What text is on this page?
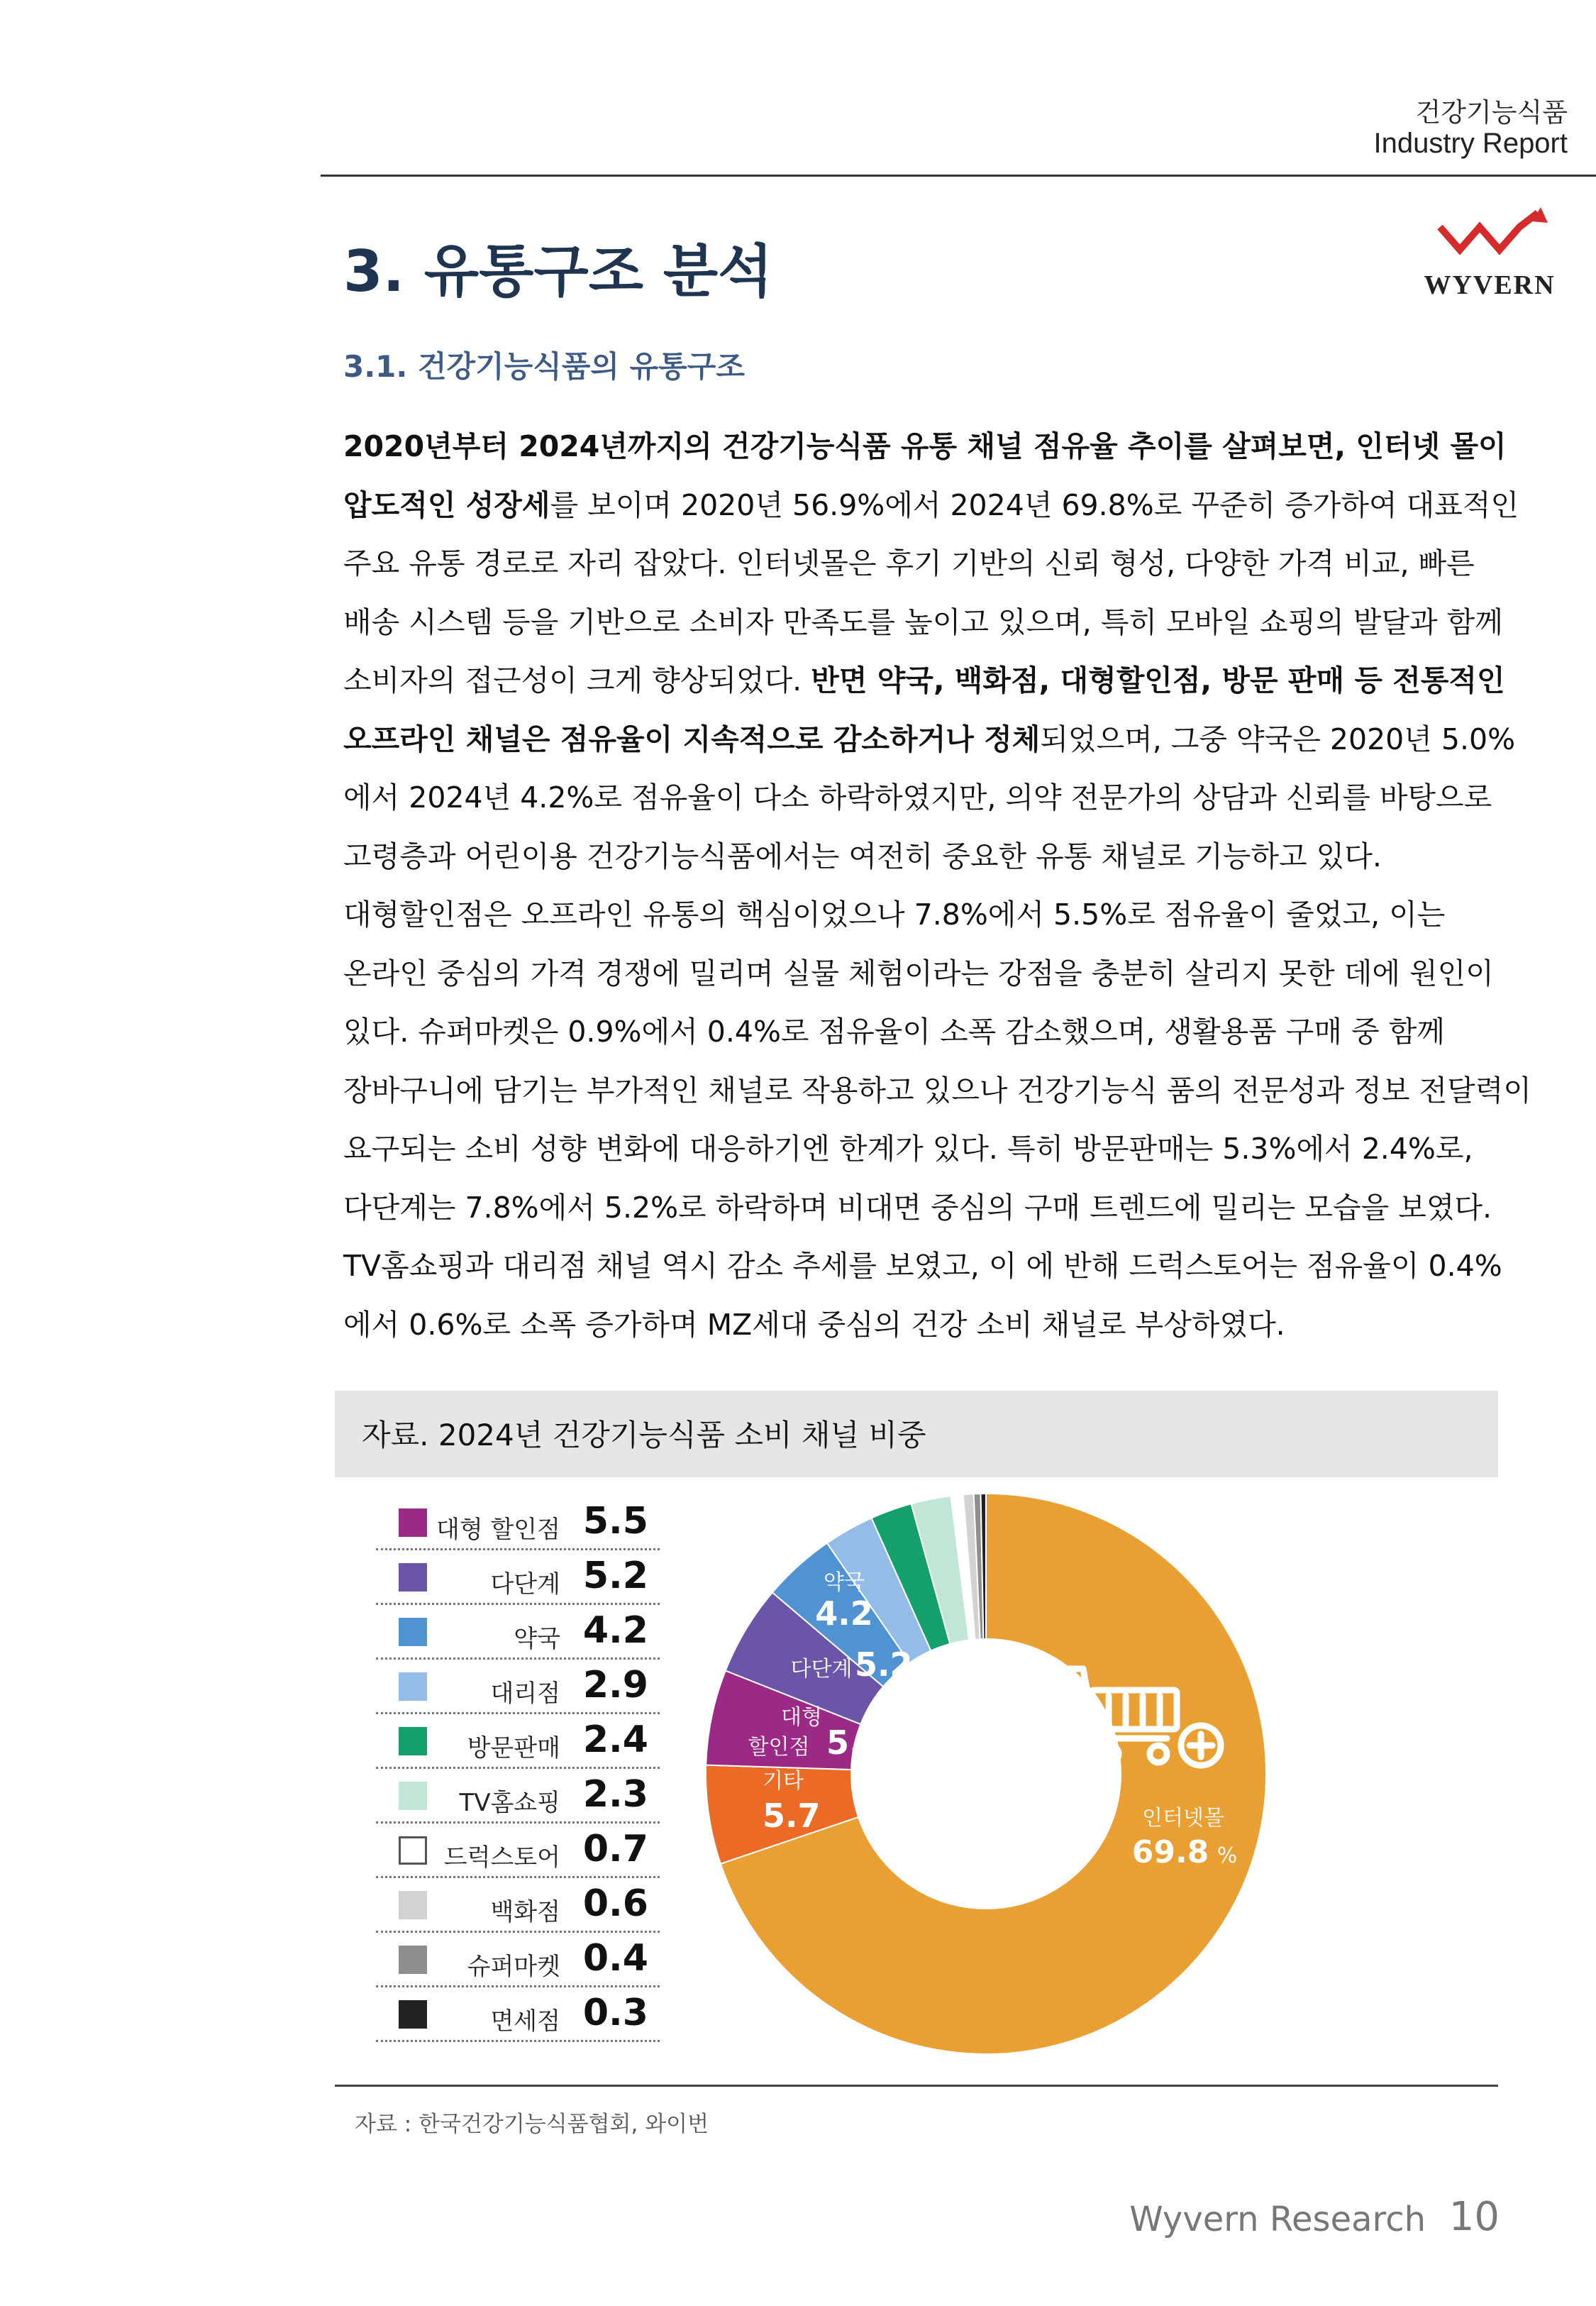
건강기능식품
Industry Report
WYVERN
3. 유통구조 분석
3.1. 건강기능식품의 유통구조
2020년부터 2024년까지의 건강기능식품 유통 채널 점유율 추이를 살펴보면, 인터넷 몰이 압도적인 성장세를 보이며 2020년 56.9%에서 2024년 69.8%로 꾸준히 증가하여 대표적인 주요 유통 경로로 자리 잡았다. 인터넷몰은 후기 기반의 신뢰 형성, 다양한 가격 비교, 빠른 배송 시스템 등을 기반으로 소비자 만족도를 높이고 있으며, 특히 모바일 쇼핑의 발달과 함께 소비자의 접근성이 크게 향상되었다. 반면 약국, 백화점, 대형할인점, 방문 판매 등 전통적인 오프라인 채널은 점유율이 지속적으로 감소하거나 정체되었으며, 그중 약국은 2020년 5.0%에서 2024년 4.2%로 점유율이 다소 하락하였지만, 의약 전문가의 상담과 신뢰를 바탕으로 고령층과 어린이용 건강기능식품에서는 여전히 중요한 유통 채널로 기능하고 있다. 대형할인점은 오프라인 유통의 핵심이었으나 7.8%에서 5.5%로 점유율이 줄었고, 이는 온라인 중심의 가격 경쟁에 밀리며 실물 체험이라는 강점을 충분히 살리지 못한 데에 원인이 있다. 슈퍼마켓은 0.9%에서 0.4%로 점유율이 소폭 감소했으며, 생활용품 구매 중 함께 장바구니에 담기는 부가적인 채널로 작용하고 있으나 건강기능식 품의 전문성과 정보 전달력이 요구되는 소비 성향 변화에 대응하기엔 한계가 있다. 특히 방문판매는 5.3%에서 2.4%로, 다단계는 7.8%에서 5.2%로 하락하며 비대면 중심의 구매 트렌드에 밀리는 모습을 보였다. TV홈쇼핑과 대리점 채널 역시 감소 추세를 보였고, 이 에 반해 드럭스토어는 점유율이 0.4%에서 0.6%로 소폭 증가하며 MZ세대 중심의 건강 소비 채널로 부상하였다.
자료. 2024년 건강기능식품 소비 채널 비중
대형 할인점 5.5
다단계 5.2
약국 4.2
대리점 2.9
방문판매 2.4
TV홈쇼핑 2.3
드럭스토어 0.7
백화점 0.6
슈퍼마켓 0.4
면세점 0.3
인터넷몰
69.8 %
기타
5.7
대형
할인점 5.5
다단계 5.2
약국
4.2
자료 : 한국건강기능식품협회, 와이번
Wyvern Research 10
